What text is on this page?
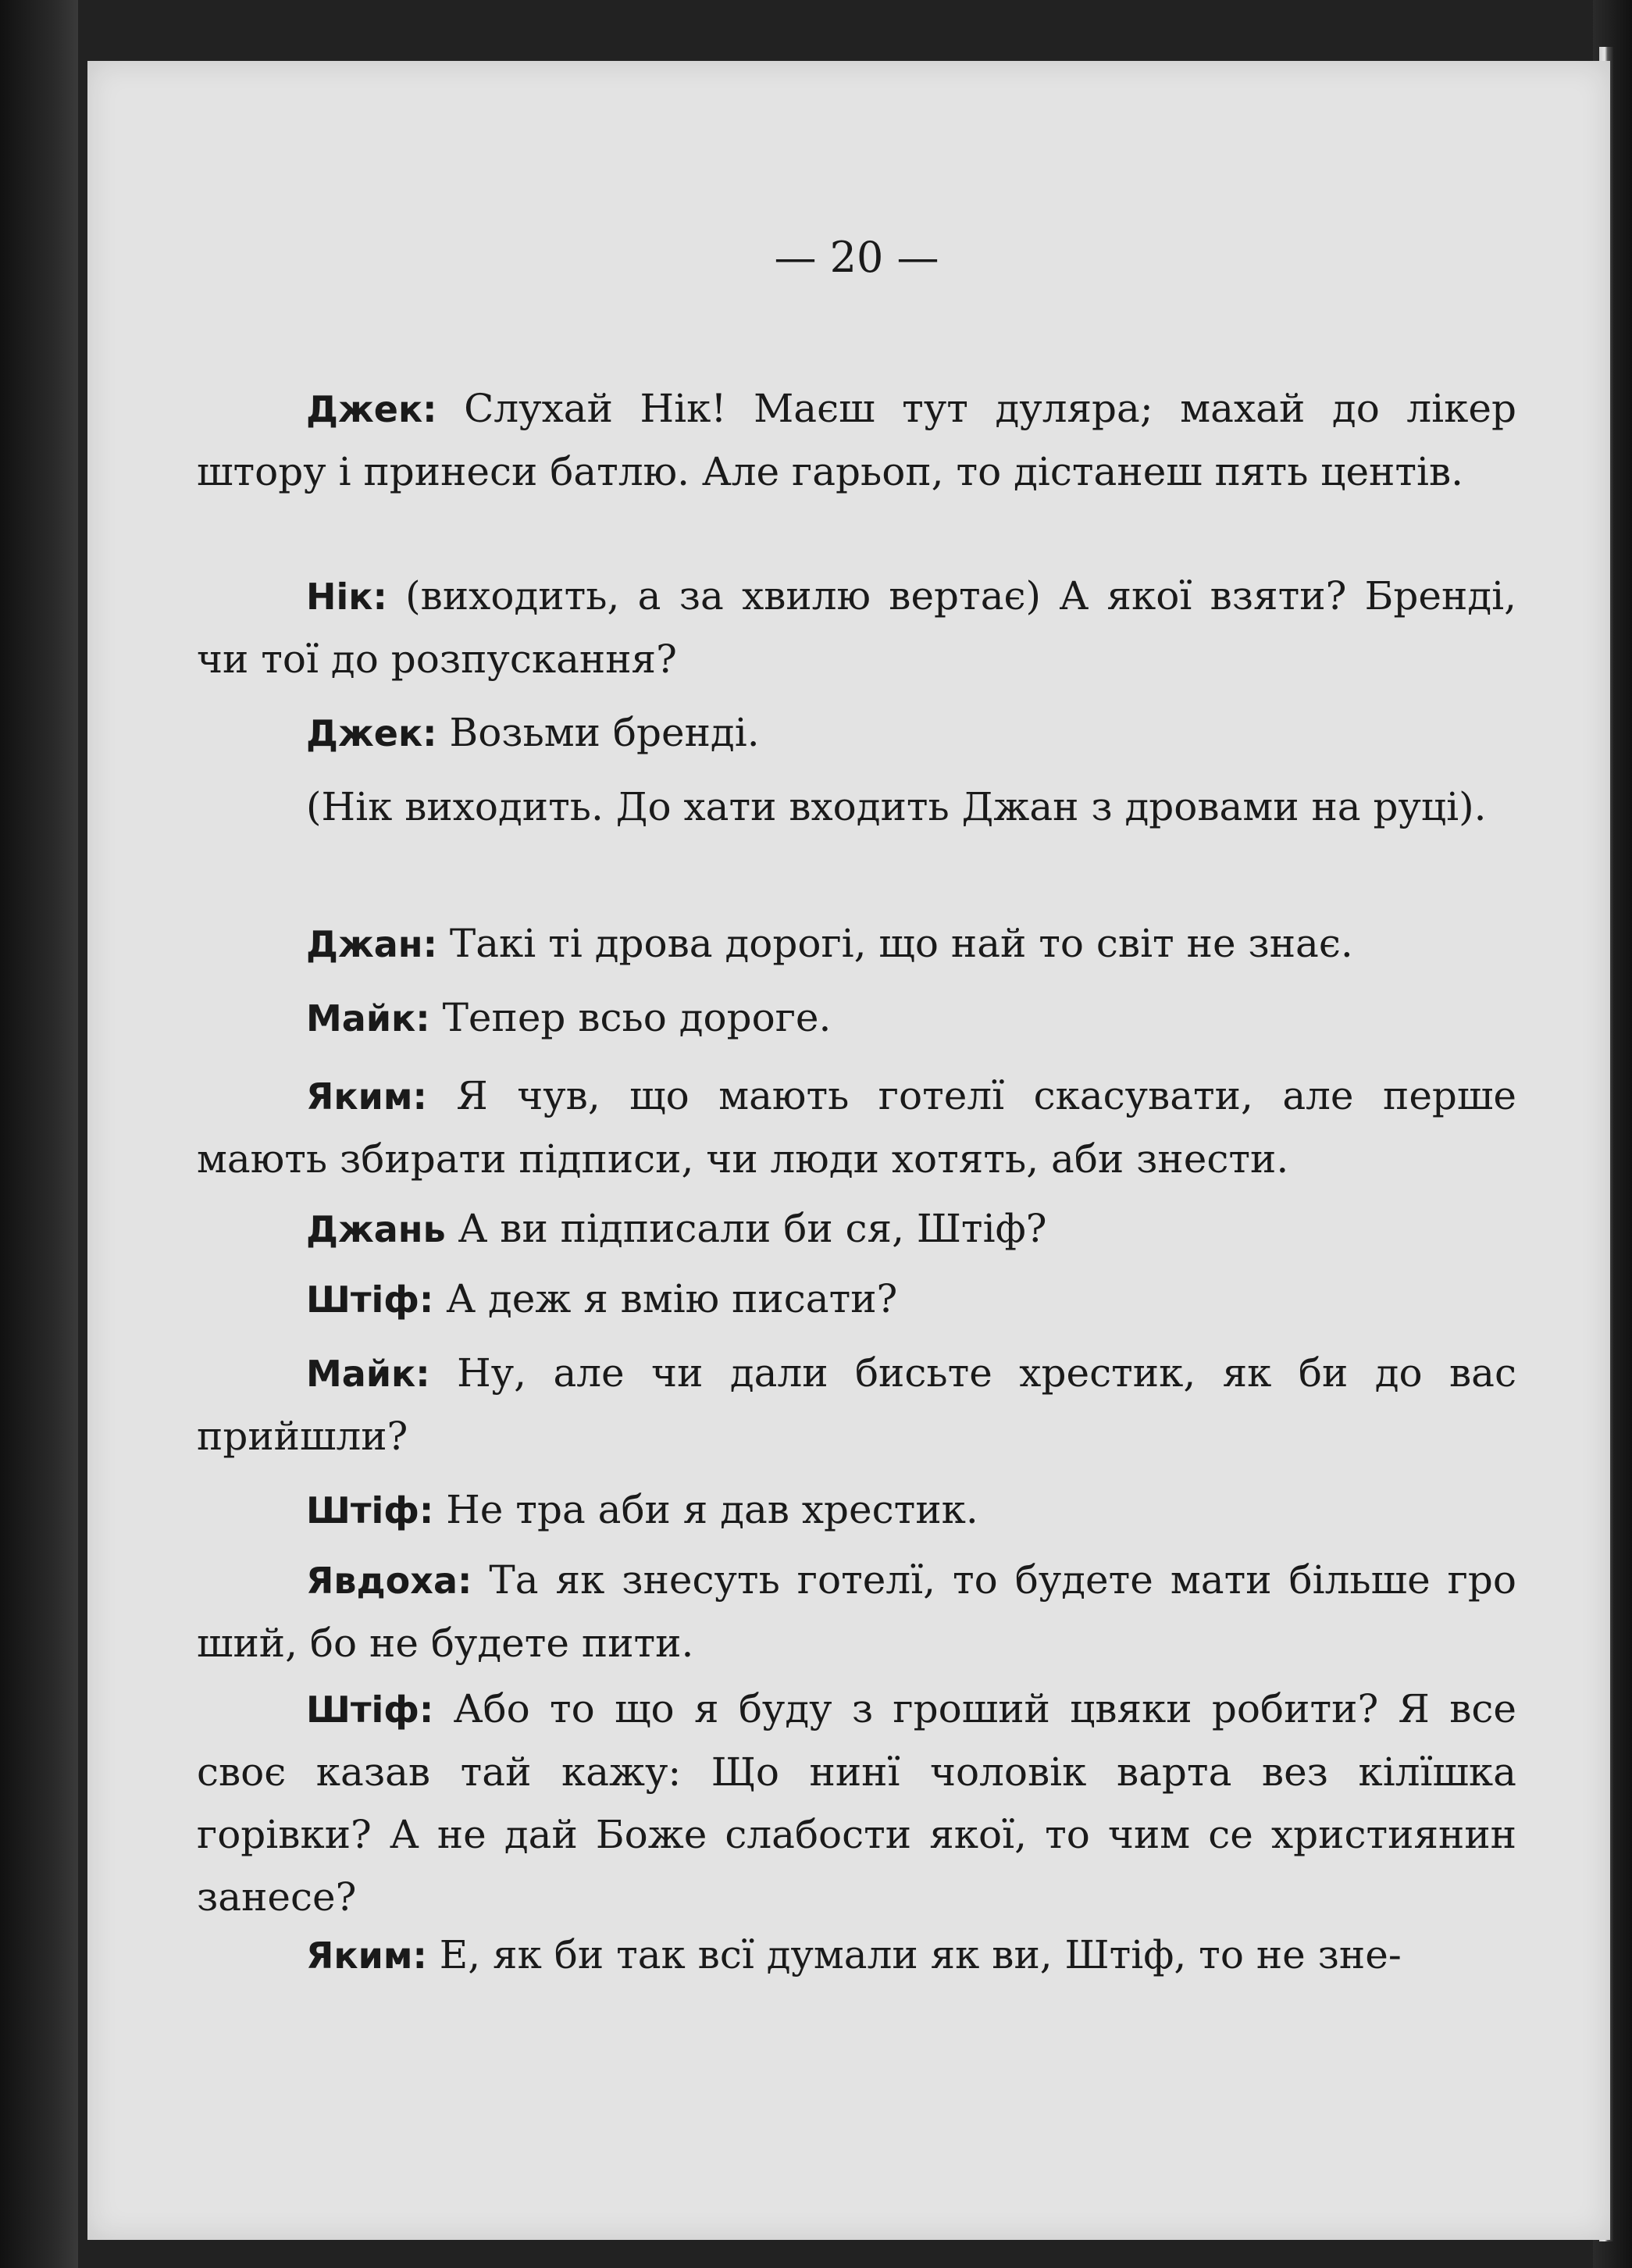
— 20 —

Джек: Слухай Нік! Маєш тут дуляра; махай до лікер штору і принеси батлю. Але гарьоп, то дістанеш пять центів.

Нік: (виходить, а за хвилю вертає) А якої взяти? Бренді, чи тої до розпускання?

Джек: Возьми бренді.

(Нік виходить. До хати входить Джан з дровами на руці).

Джан: Такі ті дрова дорогі, що най то світ не знає.

Майк: Тепер всьо дороге.

Яким: Я чув, що мають готелї скасувати, але перше мають збирати підписи, чи люди хотять, аби знести.

Джань А ви підписали би ся, Штіф?

Штіф: А деж я вмію писати?

Майк: Ну, але чи дали бисьте хрестик, як би до вас прийшли?

Штіф: Не тра аби я дав хрестик.

Явдоха: Та як знесуть готелї, то будете мати більше гро ший, бо не будете пити.

Штіф: Або то що я буду з гроший цвяки робити? Я все своє казав тай кажу: Що нинї чоловік варта вез кілїшка горівки? А не дай Боже слабости якої, то чим се християнин занесе?

Яким: Е, як би так всї думали як ви, Штіф, то не зне-
